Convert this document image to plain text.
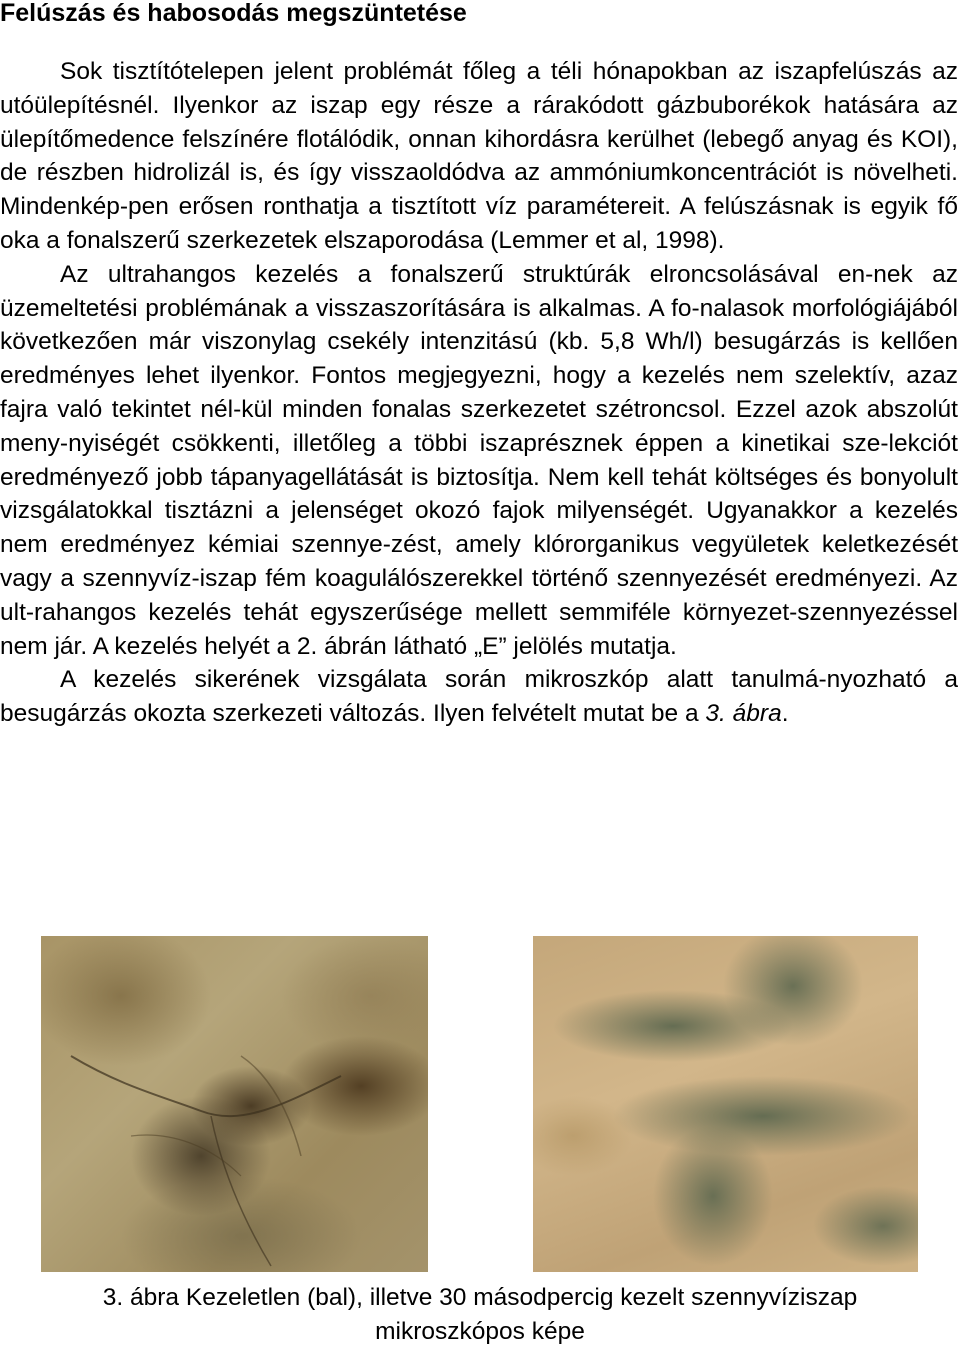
Felúszás és habosodás megszüntetése

Sok tisztítótelepen jelent problémát főleg a téli hónapokban az iszapfelúszás az utóülepítésnél. Ilyenkor az iszap egy része a rárakódott gázbuborékok hatására az ülepítőmedence felszínére flotálódik, onnan kihordásra kerülhet (lebegő anyag és KOI), de részben hidrolizál is, és így visszaoldódva az ammóniumkoncentrációt is növelheti. Mindenkép-pen erősen ronthatja a tisztított víz paramétereit. A felúszásnak is egyik fő oka a fonalszerű szerkezetek elszaporodása (Lemmer et al, 1998).

Az ultrahangos kezelés a fonalszerű struktúrák elroncsolásával en-nek az üzemeltetési problémának a visszaszorítására is alkalmas. A fo-nalasok morfológiájából következően már viszonylag csekély intenzitású (kb. 5,8 Wh/l) besugárzás is kellően eredményes lehet ilyenkor. Fontos megjegyezni, hogy a kezelés nem szelektív, azaz fajra való tekintet nél-kül minden fonalas szerkezetet szétroncsol. Ezzel azok abszolút meny-nyiségét csökkenti, illetőleg a többi iszaprésznek éppen a kinetikai sze-lekciót eredményező jobb tápanyagellátását is biztosítja. Nem kell tehát költséges és bonyolult vizsgálatokkal tisztázni a jelenséget okozó fajok milyenségét. Ugyanakkor a kezelés nem eredményez kémiai szennye-zést, amely klórorganikus vegyületek keletkezését vagy a szennyvíz-iszap fém koagulálószerekkel történő szennyezését eredményezi. Az ult-rahangos kezelés tehát egyszerűsége mellett semmiféle környezet-szennyezéssel nem jár. A kezelés helyét a 2. ábrán látható „E” jelölés mutatja.

A kezelés sikerének vizsgálata során mikroszkóp alatt tanulmá-nyozható a besugárzás okozta szerkezeti változás. Ilyen felvételt mutat be a 3. ábra.

3. ábra Kezeletlen (bal), illetve 30 másodpercig kezelt szennyvíziszap
mikroszkópos képe
